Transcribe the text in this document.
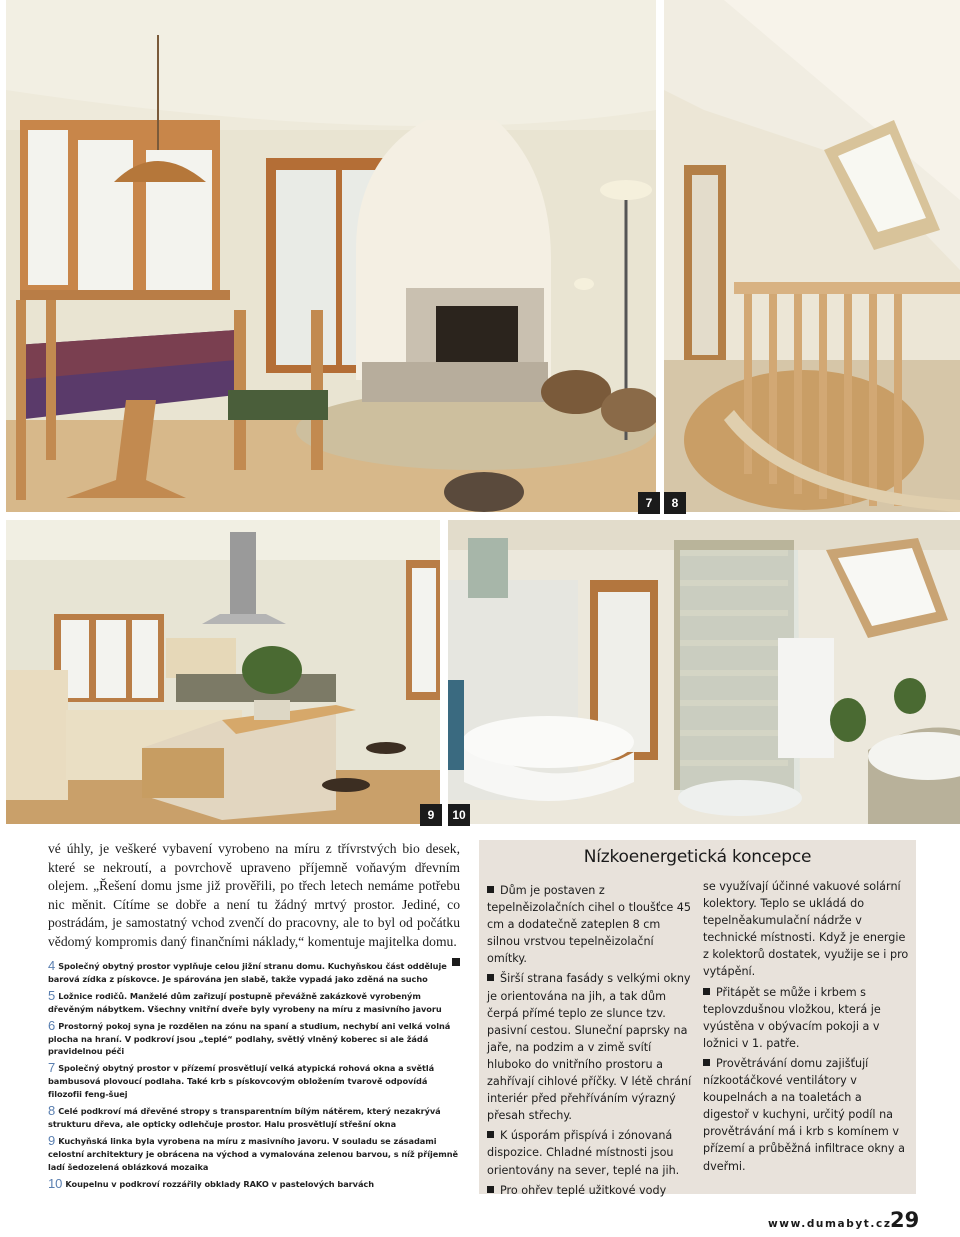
7	8
9	10

vé úhly, je veškeré vybavení vyrobeno na míru z třívrstvých bio desek, které se nekroutí, a povrchově upraveno příjemně voňavým dřevním olejem. „Řešení domu jsme již prověřili, po třech letech nemáme potřebu nic měnit. Cítíme se dobře a není tu žádný mrtvý prostor. Jediné, co postrádám, je samostatný vchod zvenčí do pracovny, ale to byl od počátku vědomý kompromis daný finančními náklady,“ komentuje majitelka domu.

4 Společný obytný prostor vyplňuje celou jižní stranu domu. Kuchyňskou část odděluje barová zídka z pískovce. Je spárována jen slabě, takže vypadá jako zděná na sucho
5 Ložnice rodičů. Manželé dům zařizují postupně převážně zakázkově vyrobeným dřevěným nábytkem. Všechny vnitřní dveře byly vyrobeny na míru z masivního javoru
6 Prostorný pokoj syna je rozdělen na zónu na spaní a studium, nechybí ani velká volná plocha na hraní. V podkroví jsou „teplé“ podlahy, světlý vlněný koberec si ale žádá pravidelnou péči
7 Společný obytný prostor v přízemí prosvětlují velká atypická rohová okna a světlá bambusová plovoucí podlaha. Také krb s pískovcovým obložením tvarově odpovídá filozofii feng-šuej
8 Celé podkroví má dřevěné stropy s transparentním bílým nátěrem, který nezakrývá strukturu dřeva, ale opticky odlehčuje prostor. Halu prosvětlují střešní okna
9 Kuchyňská linka byla vyrobena na míru z masivního javoru. V souladu se zásadami celostní architektury je obrácena na východ a vymalována zelenou barvou, s níž příjemně ladí šedozelená oblázková mozaika
10 Koupelnu v podkroví rozzářily obklady RAKO v pastelových barvách
Nízkoenergetická koncepce

Dům je postaven z tepelněizolačních cihel o tloušťce 45 cm a dodatečně zateplen 8 cm silnou vrstvou tepelněizolační omítky.

Širší strana fasády s velkými okny je orientována na jih, a tak dům čerpá přímé teplo ze slunce tzv. pasivní cestou. Sluneční paprsky na jaře, na podzim a v zimě svítí hluboko do vnitřního prostoru a zahřívají cihlové příčky. V létě chrání interiér před přehříváním výrazný přesah střechy.

K úsporám přispívá i zónovaná dispozice. Chladné místnosti jsou orientovány na sever, teplé na jih.

Pro ohřev teplé užitkové vody

se využívají účinné vakuové solární kolektory. Teplo se ukládá do tepelněakumulační nádrže v technické místnosti. Když je energie z kolektorů dostatek, využije se i pro vytápění.

Přitápět se může i krbem s teplovzdušnou vložkou, která je vyústěna v obývacím pokoji a v ložnici v 1. patře.

Provětrávání domu zajišťují nízkootáčkové ventilátory v koupelnách a na toaletách a digestoř v kuchyni, určitý podíl na provětrávání má i krb s komínem v přízemí a průběžná infiltrace okny a dveřmi.

www.dumabyt.cz
29
